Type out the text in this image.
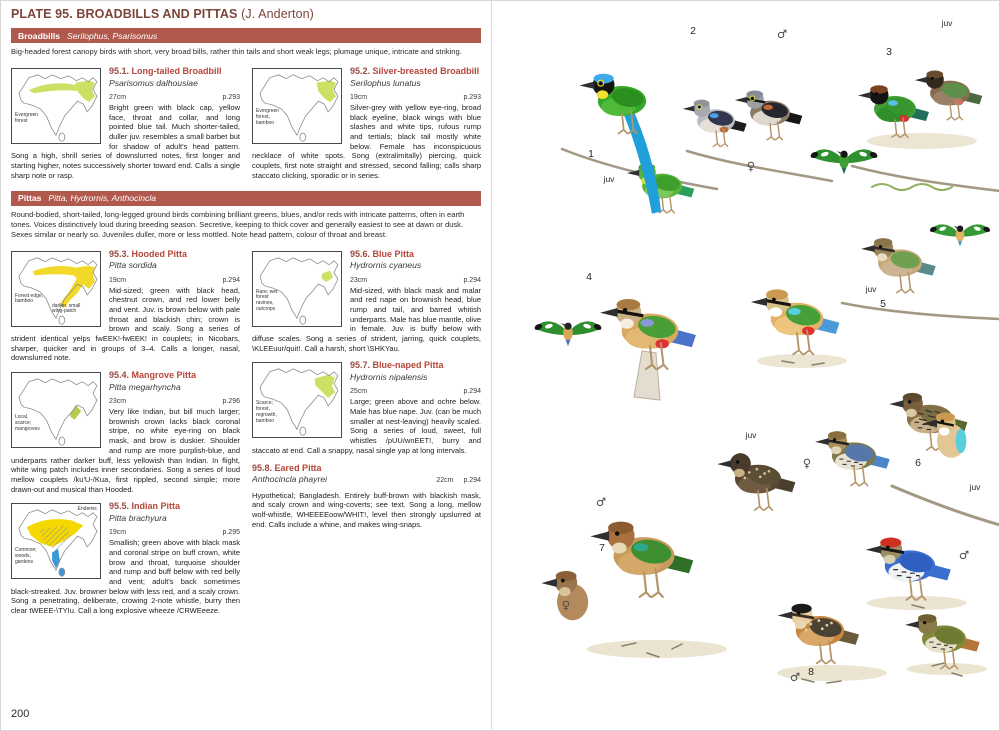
PLATE 95. BROADBILLS AND PITTAS (J. Anderton)
Broadbills Serilophus, Psarisomus
Big-headed forest canopy birds with short, very broad bills, rather thin tails and short weak legs; plumage unique, intricate and striking.
Evergreen forest
95.1. Long-tailed Broadbill
Psarisomus dalhousiae
27cm	p.293

Bright green with black cap, yellow face, throat and collar, and long pointed blue tail. Much shorter-tailed, duller juv. resembles a small barbet but for shadow of adult's head pattern. Song a high, shrill series of downslurred notes, first longer and starting higher, notes successively shorter toward end. Calls a single sharp note or rasp.

Evergreen forest, bamboo
95.2. Silver-breasted Broadbill
Serilophus lunatus
19cm	p.293

Silver-grey with yellow eye-ring, broad black eyeline, black wings with blue slashes and white tips, rufous rump and tertials; black tail mostly white below. Female has inconspicuous necklace of white spots. Song (extralimitally) piercing, quick couplets, first note straight and stressed, second falling; calls sharp staccato clicking, sporadic or in series.

Pittas Pitta, Hydrornis, Anthocincla
Round-bodied, short-tailed, long-legged ground birds combining brilliant greens, blues, and/or reds with intricate patterns, often in earth tones. Voices distinctively loud during breeding season. Secretive, keeping to thick cover and generally easiest to see at dawn or dusk. Sexes similar or nearly so. Juveniles duller, more or less mottled. Note head pattern, colour of throat and breast.
Forest edge, bamboo
darker, small wing-patch
95.3. Hooded Pitta
Pitta sordida
19cm	p.294

Mid-sized; green with black head, chestnut crown, and red lower belly and vent. Juv. is brown below with pale throat and blackish chin; crown is brown and scaly. Song a series of strident identical yelps fwEEK!-fwEEK! in couplets; in Nicobars, sharper, quicker and in groups of 3–4. Calls a longer, nasal, downslurred note.

Local, scarce; mangroves
95.4. Mangrove Pitta
Pitta megarhyncha
23cm	p.296

Very like Indian, but bill much larger; brownish crown lacks black coronal stripe, no white eye-ring on black mask, and brow is duskier. Shoulder and rump are more purplish-blue, and underparts rather darker buff, less yellowish than Indian. In flight, white wing patch includes inner secondaries. Song a series of loud mellow couplets /ku'U-/Kua, first rippled, second simple; more drawn-out and musical than Hooded.

Common; woods, gardens
Endemic	95.5. Indian Pitta
Pitta brachyura
19cm	p.295

Smallish; green above with black mask and coronal stripe on buff crown, white brow and throat, turquoise shoulder and rump and buff below with red belly and vent; adult's back sometimes black-streaked. Juv. browner below with less red, and a scaly crown. Song a penetrating, deliberate, crowing 2-note whistle, burry then clear tWEEE-\TYIu. Call a long explosive wheeze /CRWEeeze.

Rare; wet forest ravines, outcrops
95.6. Blue Pitta
Hydrornis cyaneus
23cm	p.294

Mid-sized, with black mask and malar and red nape on brownish head, blue rump and tail, and barred whitish underparts. Male has blue mantle, olive in female. Juv. is buffy below with diffuse scales. Song a series of strident, jarring, quick couplets, \KLEEuur/quit!. Call a harsh, short \SHKYau.

Scarce; forest, regrowth, bamboo
95.7. Blue-naped Pitta
Hydrornis nipalensis
25cm	p.294

Large; green above and ochre below. Male has blue nape. Juv. (can be much smaller at nest-leaving) heavily scaled. Song a series of loud, sweet, full whistles /pUU/wnEET!, burry and staccato at end. Call a snappy, nasal single yap at long intervals.

95.8. Eared Pitta
Anthocincla phayrei	22cm p.294

Hypothetical; Bangladesh. Entirely buff-brown with blackish mask, and scaly crown and wing-coverts; see text. Song a long, mellow wolf-whistle, WHEEEEoow/WHIT!, level then strongly upslurred at end. Calls include a whine, and makes wing-snaps.

200
1
juv
2	♂
♀
3
juv
4
juv
5
juv
♀	6
juv
♂
♂
7
♀
♂ 8
